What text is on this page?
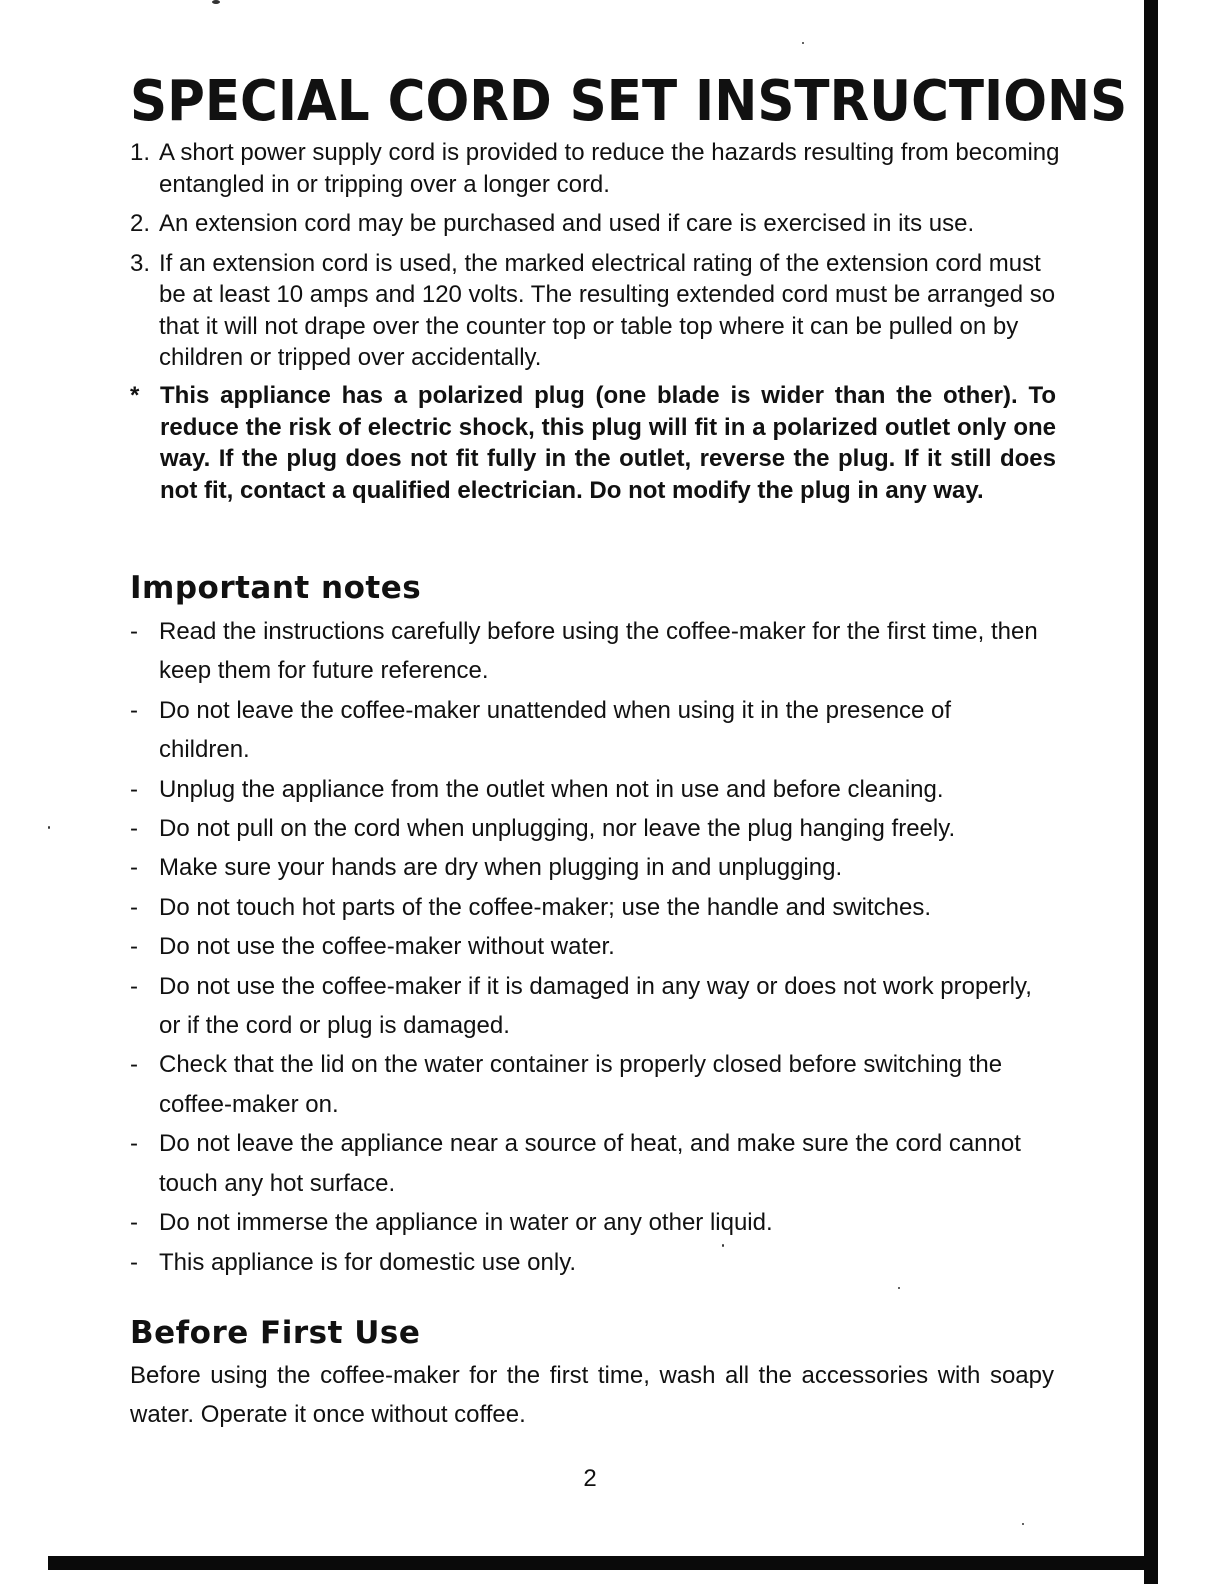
SPECIAL CORD SET INSTRUCTIONS
1. A short power supply cord is provided to reduce the hazards resulting from becoming entangled in or tripping over a longer cord.
2. An extension cord may be purchased and used if care is exercised in its use.
3. If an extension cord is used, the marked electrical rating of the extension cord must be at least 10 amps and 120 volts. The resulting extended cord must be arranged so that it will not drape over the counter top or table top where it can be pulled on by children or tripped over accidentally.
* This appliance has a polarized plug (one blade is wider than the other). To reduce the risk of electric shock, this plug will fit in a polarized outlet only one way. If the plug does not fit fully in the outlet, reverse the plug. If it still does not fit, contact a qualified electrician. Do not modify the plug in any way.
Important notes
- Read the instructions carefully before using the coffee-maker for the first time, then keep them for future reference.
- Do not leave the coffee-maker unattended when using it in the presence of children.
- Unplug the appliance from the outlet when not in use and before cleaning.
- Do not pull on the cord when unplugging, nor leave the plug hanging freely.
- Make sure your hands are dry when plugging in and unplugging.
- Do not touch hot parts of the coffee-maker; use the handle and switches.
- Do not use the coffee-maker without water.
- Do not use the coffee-maker if it is damaged in any way or does not work properly, or if the cord or plug is damaged.
- Check that the lid on the water container is properly closed before switching the coffee-maker on.
- Do not leave the appliance near a source of heat, and make sure the cord cannot touch any hot surface.
- Do not immerse the appliance in water or any other liquid.
- This appliance is for domestic use only.
Before First Use

Before using the coffee-maker for the first time, wash all the accessories with soapy water. Operate it once without coffee.

2
